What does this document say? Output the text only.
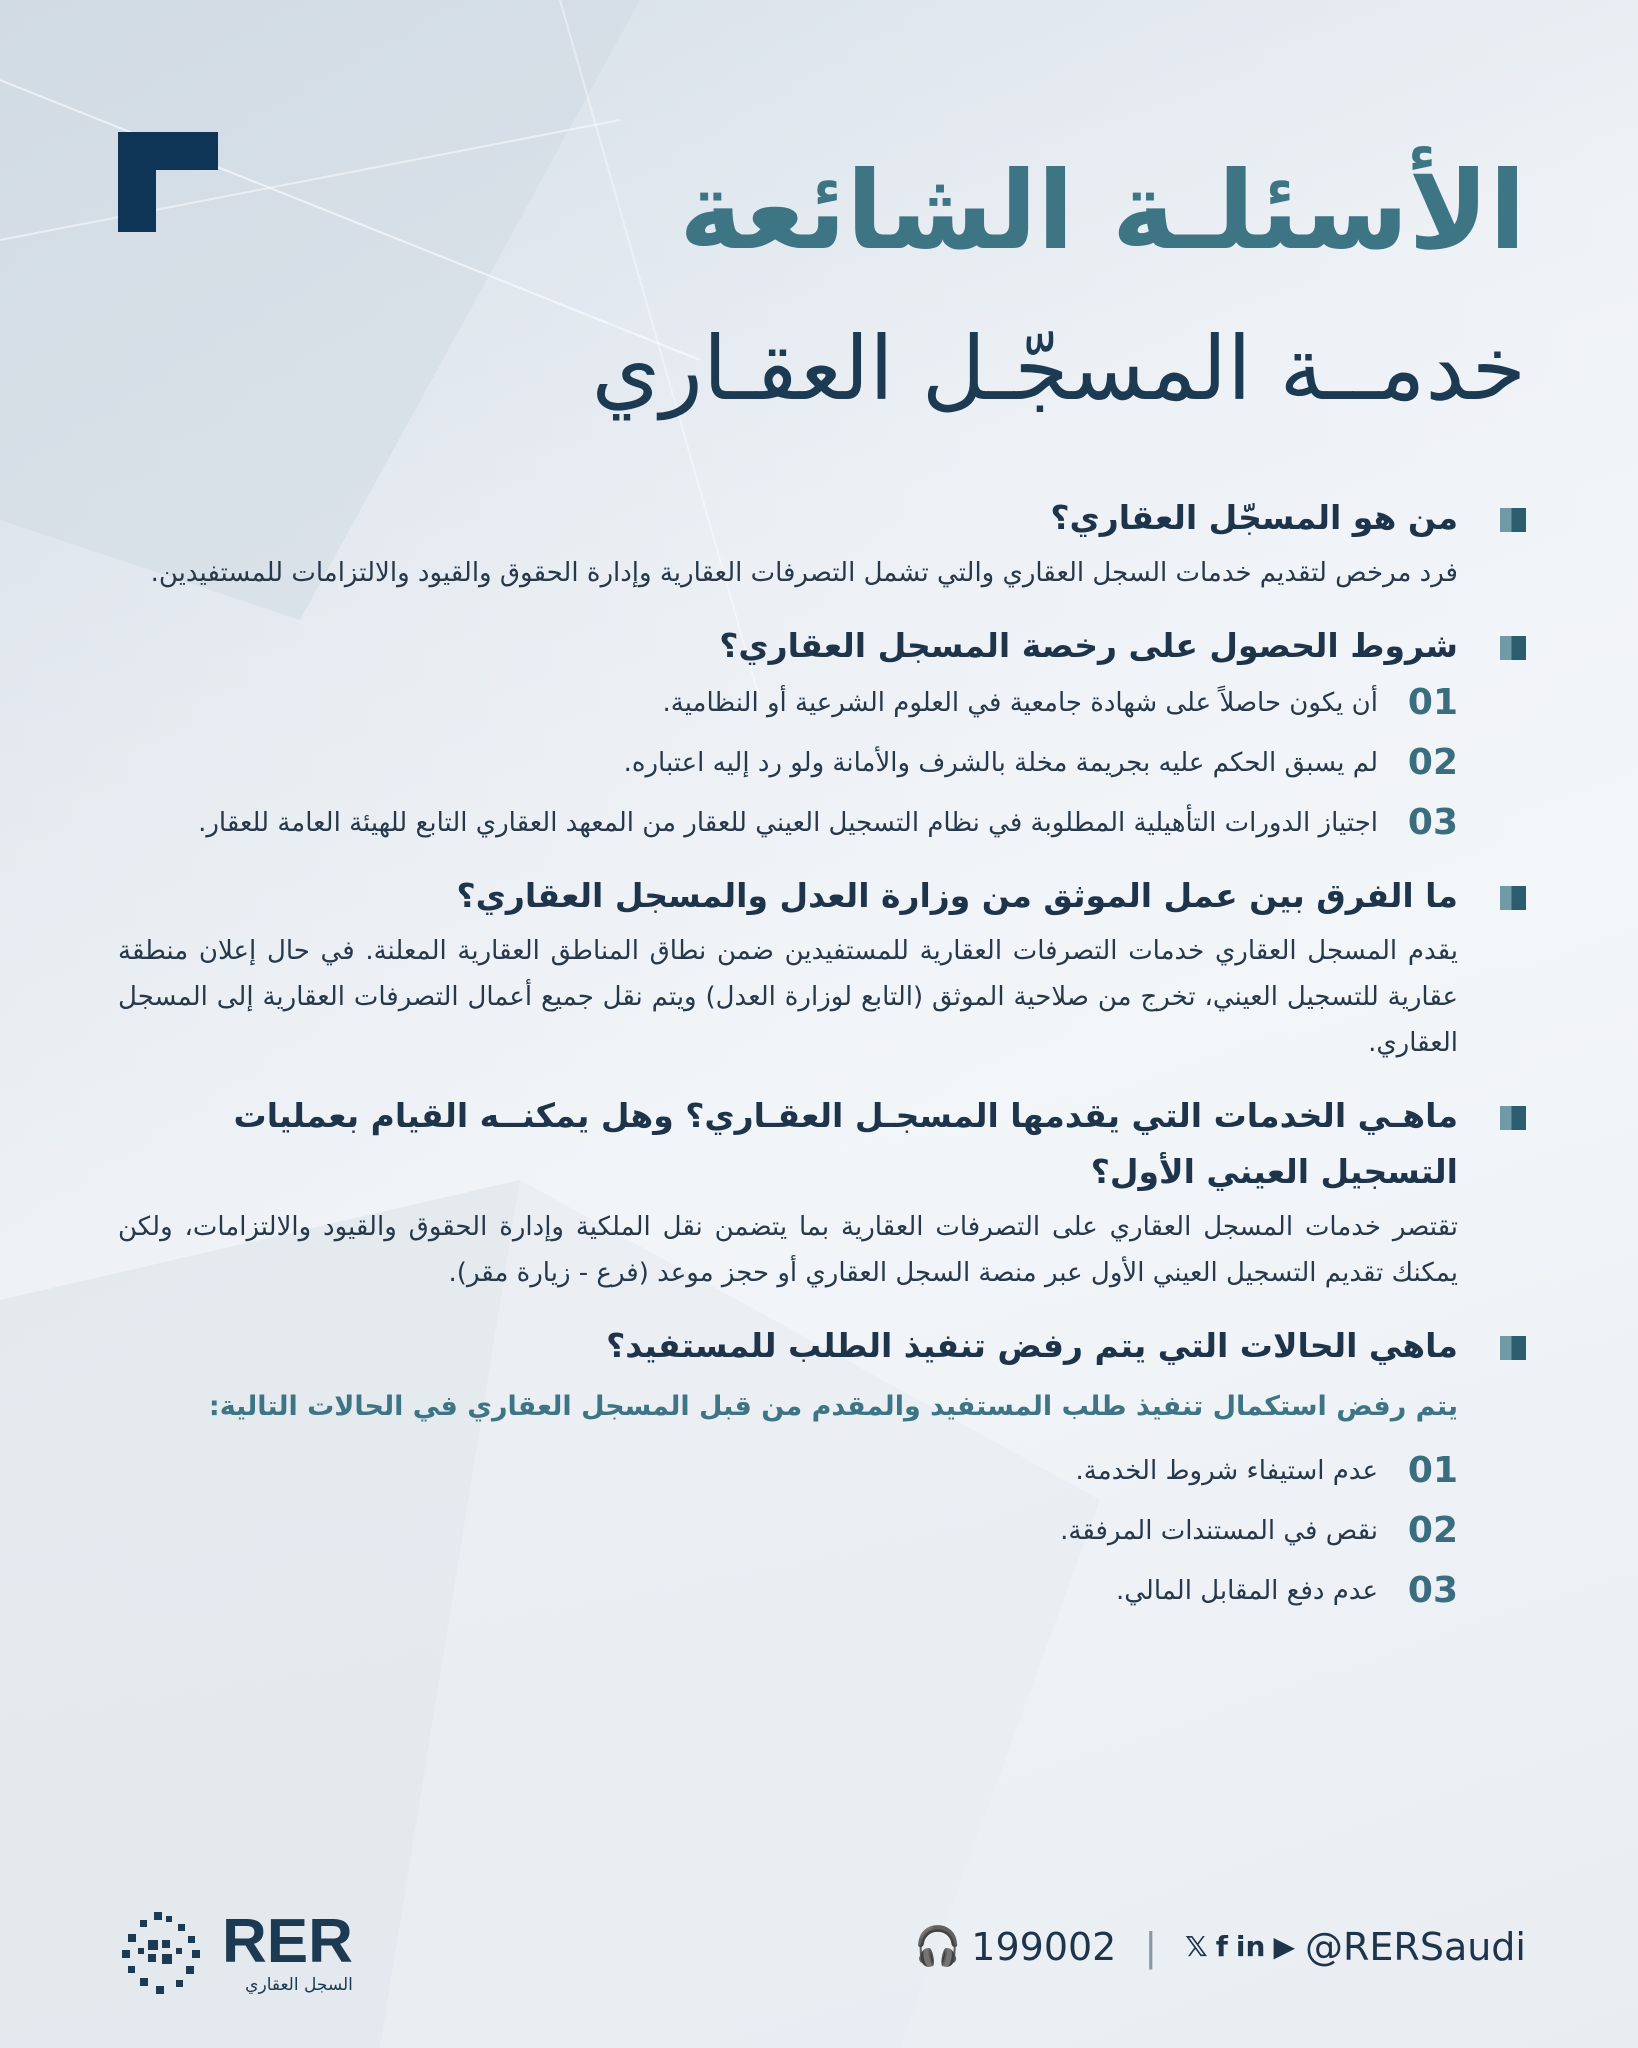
الأسئلـة الشائعة
خدمــة المسجّـل العقـاري
من هو المسجّل العقاري؟
فرد مرخص لتقديم خدمات السجل العقاري والتي تشمل التصرفات العقارية وإدارة الحقوق والقيود والالتزامات للمستفيدين.
شروط الحصول على رخصة المسجل العقاري؟
01
أن يكون حاصلاً على شهادة جامعية في العلوم الشرعية أو النظامية.
02
لم يسبق الحكم عليه بجريمة مخلة بالشرف والأمانة ولو رد إليه اعتباره.
03
اجتياز الدورات التأهيلية المطلوبة في نظام التسجيل العيني للعقار من المعهد العقاري التابع للهيئة العامة للعقار.
ما الفرق بين عمل الموثق من وزارة العدل والمسجل العقاري؟
يقدم المسجل العقاري خدمات التصرفات العقارية للمستفيدين ضمن نطاق المناطق العقارية المعلنة. في حال إعلان منطقة عقارية للتسجيل العيني، تخرج من صلاحية الموثق (التابع لوزارة العدل) ويتم نقل جميع أعمال التصرفات العقارية إلى المسجل العقاري.
ماهـي الخدمات التي يقدمها المسجـل العقـاري؟ وهل يمكنــه القيام بعمليات التسجيل العيني الأول؟
تقتصر خدمات المسجل العقاري على التصرفات العقارية بما يتضمن نقل الملكية وإدارة الحقوق والقيود والالتزامات، ولكن يمكنك تقديم التسجيل العيني الأول عبر منصة السجل العقاري أو حجز موعد (فرع - زيارة مقر).
ماهي الحالات التي يتم رفض تنفيذ الطلب للمستفيد؟
يتم رفض استكمال تنفيذ طلب المستفيد والمقدم من قبل المسجل العقاري في الحالات التالية:
01
عدم استيفاء شروط الخدمة.
02
نقص في المستندات المرفقة.
03
عدم دفع المقابل المالي.
RER
السجل العقاري
🎧 199002 | 𝕏 f in ▶ @RERSaudi
